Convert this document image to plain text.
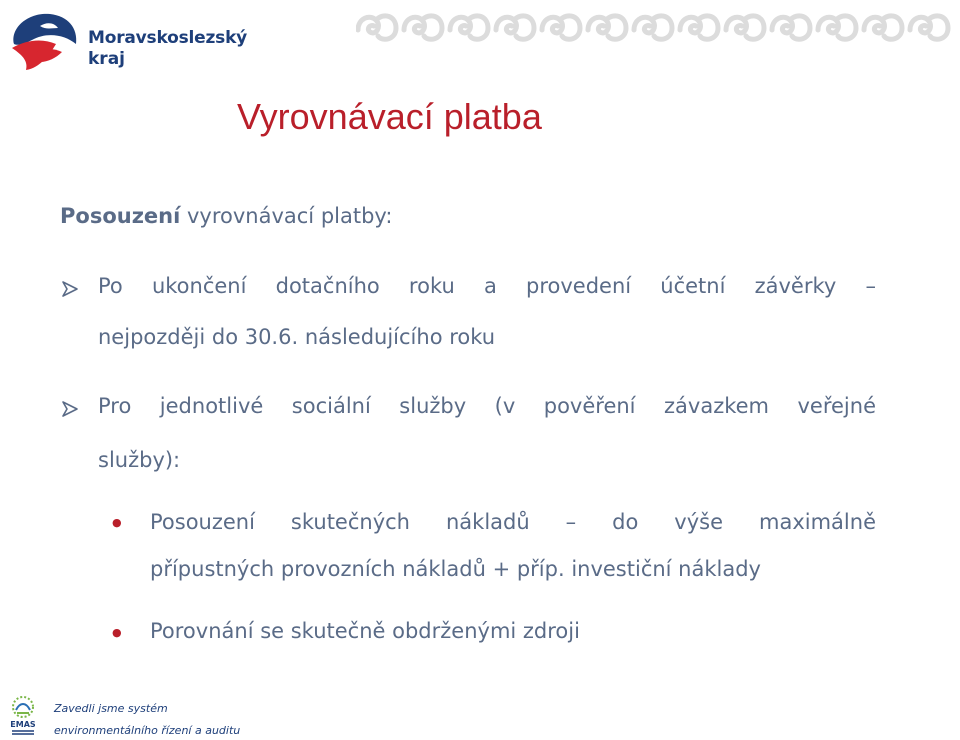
Moravskoslezský
kraj
Vyrovnávací platba
Posouzení vyrovnávací platby:
Po ukončení dotačního roku a provedení účetní závěrky –
nejpozději do 30.6. následujícího roku
Pro jednotlivé sociální služby (v pověření závazkem veřejné
služby):
● Posouzení skutečných nákladů – do výše maximálně
přípustných provozních nákladů + příp. investiční náklady
● Porovnání se skutečně obdrženými zdroji
EMAS
Zavedli jsme systém
environmentálního řízení a auditu
